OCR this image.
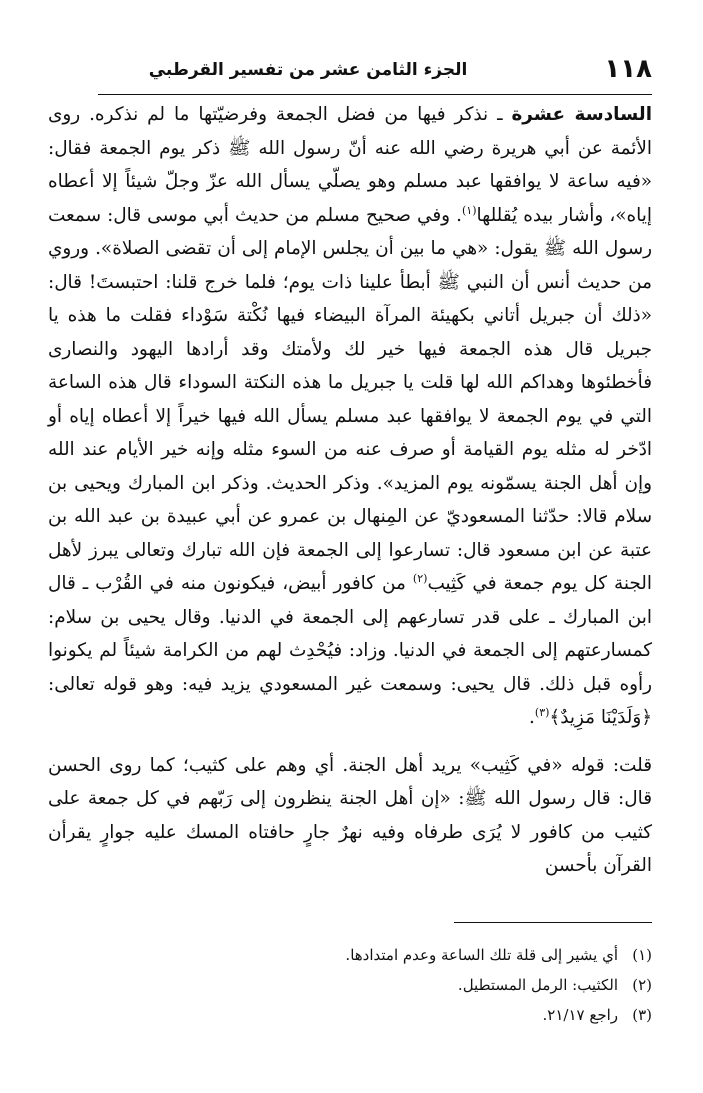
١١٨
الجزء الثامن عشر من تفسير القرطبي

السادسة عشرة ـ نذكر فيها من فضل الجمعة وفرضيّتها ما لم نذكره. روى الأئمة عن أبي هريرة رضي الله عنه أنّ رسول الله ﷺ ذكر يوم الجمعة فقال: «فيه ساعة لا يوافقها عبد مسلم وهو يصلّي يسأل الله عزّ وجلّ شيئاً إلا أعطاه إياه»، وأشار بيده يُقللها$^{(١)}$. وفي صحيح مسلم من حديث أبي موسى قال: سمعت رسول الله ﷺ يقول: «هي ما بين أن يجلس الإمام إلى أن تقضى الصلاة». وروي من حديث أنس أن النبي ﷺ أبطأ علينا ذات يوم؛ فلما خرج قلنا: احتبستَ! قال: «ذلك أن جبريل أتاني بكهيئة المرآة البيضاء فيها نُكْتة سَوْداء فقلت ما هذه يا جبريل قال هذه الجمعة فيها خير لك ولأمتك وقد أرادها اليهود والنصارى فأخطئوها وهداكم الله لها قلت يا جبريل ما هذه النكتة السوداء قال هذه الساعة التي في يوم الجمعة لا يوافقها عبد مسلم يسأل الله فيها خيراً إلا أعطاه إياه أو ادّخر له مثله يوم القيامة أو صرف عنه من السوء مثله وإنه خير الأيام عند الله وإن أهل الجنة يسمّونه يوم المزيد». وذكر الحديث. وذكر ابن المبارك ويحيى بن سلام قالا: حدّثنا المسعوديّ عن المِنهال بن عمرو عن أبي عبيدة بن عبد الله بن عتبة عن ابن مسعود قال: تسارعوا إلى الجمعة فإن الله تبارك وتعالى يبرز لأهل الجنة كل يوم جمعة في كَثِيب$^{(٢)}$ من كافور أبيض، فيكونون منه في القُرْب ـ قال ابن المبارك ـ على قدر تسارعهم إلى الجمعة في الدنيا. وقال يحيى بن سلام: كمسارعتهم إلى الجمعة في الدنيا. وزاد: فيُحْدِث لهم من الكرامة شيئاً لم يكونوا رأوه قبل ذلك. قال يحيى: وسمعت غير المسعودي يزيد فيه: وهو قوله تعالى: ﴿وَلَدَيْنَا مَزِيدٌ﴾$^{(٣)}$.

قلت: قوله «في كَثِيب» يريد أهل الجنة. أي وهم على كثيب؛ كما روى الحسن قال: قال رسول الله ﷺ: «إن أهل الجنة ينظرون إلى رَبّهم في كل جمعة على كثيب من كافور لا يُرَى طرفاه وفيه نهرٌ جارٍ حافتاه المسك عليه جوارٍ يقرأن القرآن بأحسن

(١)أي يشير إلى قلة تلك الساعة وعدم امتدادها.
(٢)الكثيب: الرمل المستطيل.
(٣)راجع ٢١/١٧.
